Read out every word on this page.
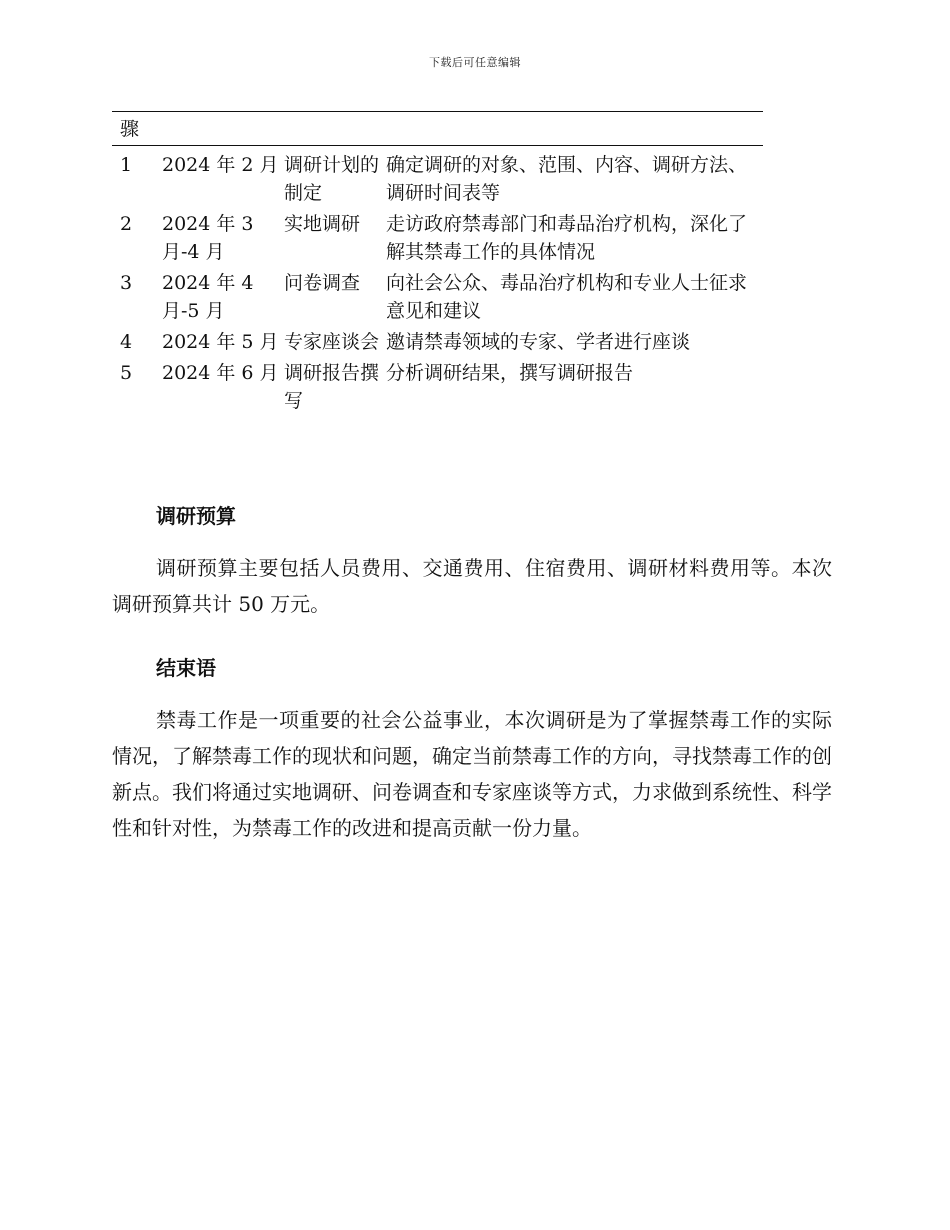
下载后可任意编辑
骤			
1	2024 年 2 月	调研计划的制定	确定调研的对象、范围、内容、调研方法、调研时间表等
2	2024 年 3 月-4 月	实地调研	走访政府禁毒部门和毒品治疗机构，深化了解其禁毒工作的具体情况
3	2024 年 4 月-5 月	问卷调查	向社会公众、毒品治疗机构和专业人士征求意见和建议
4	2024 年 5 月	专家座谈会	邀请禁毒领域的专家、学者进行座谈
5	2024 年 6 月	调研报告撰写	分析调研结果，撰写调研报告
调研预算

调研预算主要包括人员费用、交通费用、住宿费用、调研材料费用等。本次调研预算共计 50 万元。

结束语

禁毒工作是一项重要的社会公益事业，本次调研是为了掌握禁毒工作的实际情况，了解禁毒工作的现状和问题，确定当前禁毒工作的方向，寻找禁毒工作的创新点。我们将通过实地调研、问卷调查和专家座谈等方式，力求做到系统性、科学性和针对性，为禁毒工作的改进和提高贡献一份力量。
